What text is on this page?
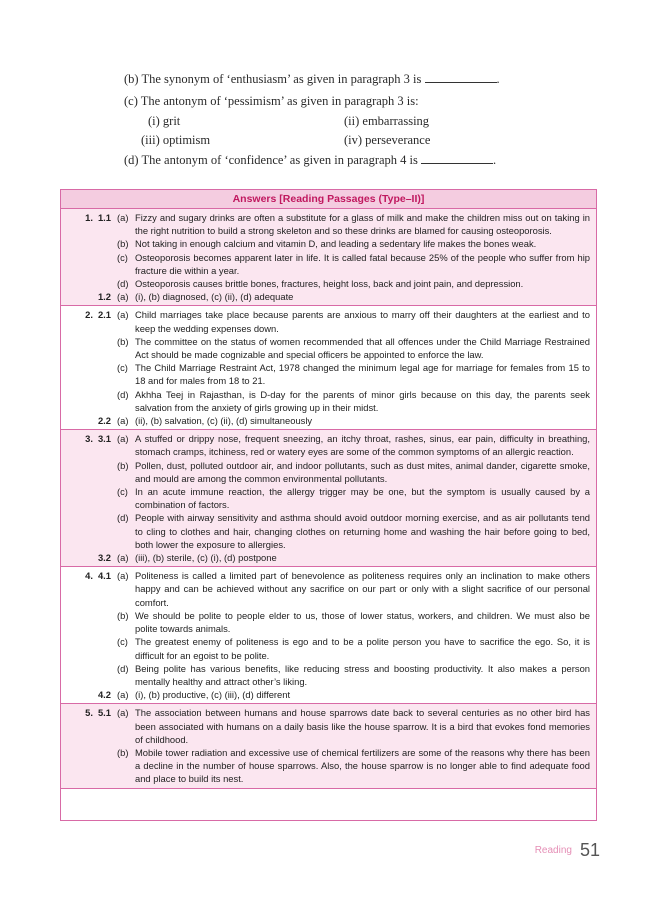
(b) The synonym of ‘enthusiasm’ as given in paragraph 3 is	.
(c) The antonym of ‘pessimism’ as given in paragraph 3 is:
(i) grit	(ii) embarrassing
(iii) optimism	(iv) perseverance
(d) The antonym of ‘confidence’ as given in paragraph 4 is	.
Answers [Reading Passages (Type–II)]
1. 1.1 (a) Fizzy and sugary drinks are often a substitute for a glass of milk and make the children miss out on taking in the right nutrition to build a strong skeleton and so these drinks are blamed for causing osteoporosis.
(b) Not taking in enough calcium and vitamin D, and leading a sedentary life makes the bones weak.
(c) Osteoporosis becomes apparent later in life. It is called fatal because 25% of the people who suffer from hip fracture die within a year.
(d) Osteoporosis causes brittle bones, fractures, height loss, back and joint pain, and depression.
1.2 (a) (i), (b) diagnosed, (c) (ii), (d) adequate
2. 2.1 (a) Child marriages take place because parents are anxious to marry off their daughters at the earliest and to keep the wedding expenses down.
(b) The committee on the status of women recommended that all offences under the Child Marriage Restrained Act should be made cognizable and special officers be appointed to enforce the law.
(c) The Child Marriage Restraint Act, 1978 changed the minimum legal age for marriage for females from 15 to 18 and for males from 18 to 21.
(d) Akhha Teej in Rajasthan, is D-day for the parents of minor girls because on this day, the parents seek salvation from the anxiety of girls growing up in their midst.
2.2 (a) (ii), (b) salvation, (c) (ii), (d) simultaneously
3. 3.1 (a) A stuffed or drippy nose, frequent sneezing, an itchy throat, rashes, sinus, ear pain, difficulty in breathing, stomach cramps, itchiness, red or watery eyes are some of the common symptoms of an allergic reaction.
(b) Pollen, dust, polluted outdoor air, and indoor pollutants, such as dust mites, animal dander, cigarette smoke, and mould are among the common environmental pollutants.
(c) In an acute immune reaction, the allergy trigger may be one, but the symptom is usually caused by a combination of factors.
(d) People with airway sensitivity and asthma should avoid outdoor morning exercise, and as air pollutants tend to cling to clothes and hair, changing clothes on returning home and washing the hair before going to bed, both lower the exposure to allergies.
3.2 (a) (iii), (b) sterile, (c) (i), (d) postpone
4. 4.1 (a) Politeness is called a limited part of benevolence as politeness requires only an inclination to make others happy and can be achieved without any sacrifice on our part or only with a slight sacrifice of our personal comfort.
(b) We should be polite to people elder to us, those of lower status, workers, and children. We must also be polite towards animals.
(c) The greatest enemy of politeness is ego and to be a polite person you have to sacrifice the ego. So, it is difficult for an egoist to be polite.
(d) Being polite has various benefits, like reducing stress and boosting productivity. It also makes a person mentally healthy and attract other’s liking.
4.2 (a) (i), (b) productive, (c) (iii), (d) different
5. 5.1 (a) The association between humans and house sparrows date back to several centuries as no other bird has been associated with humans on a daily basis like the house sparrow. It is a bird that evokes fond memories of childhood.
(b) Mobile tower radiation and excessive use of chemical fertilizers are some of the reasons why there has been a decline in the number of house sparrows. Also, the house sparrow is no longer able to find adequate food and place to build its nest.
Reading 51
